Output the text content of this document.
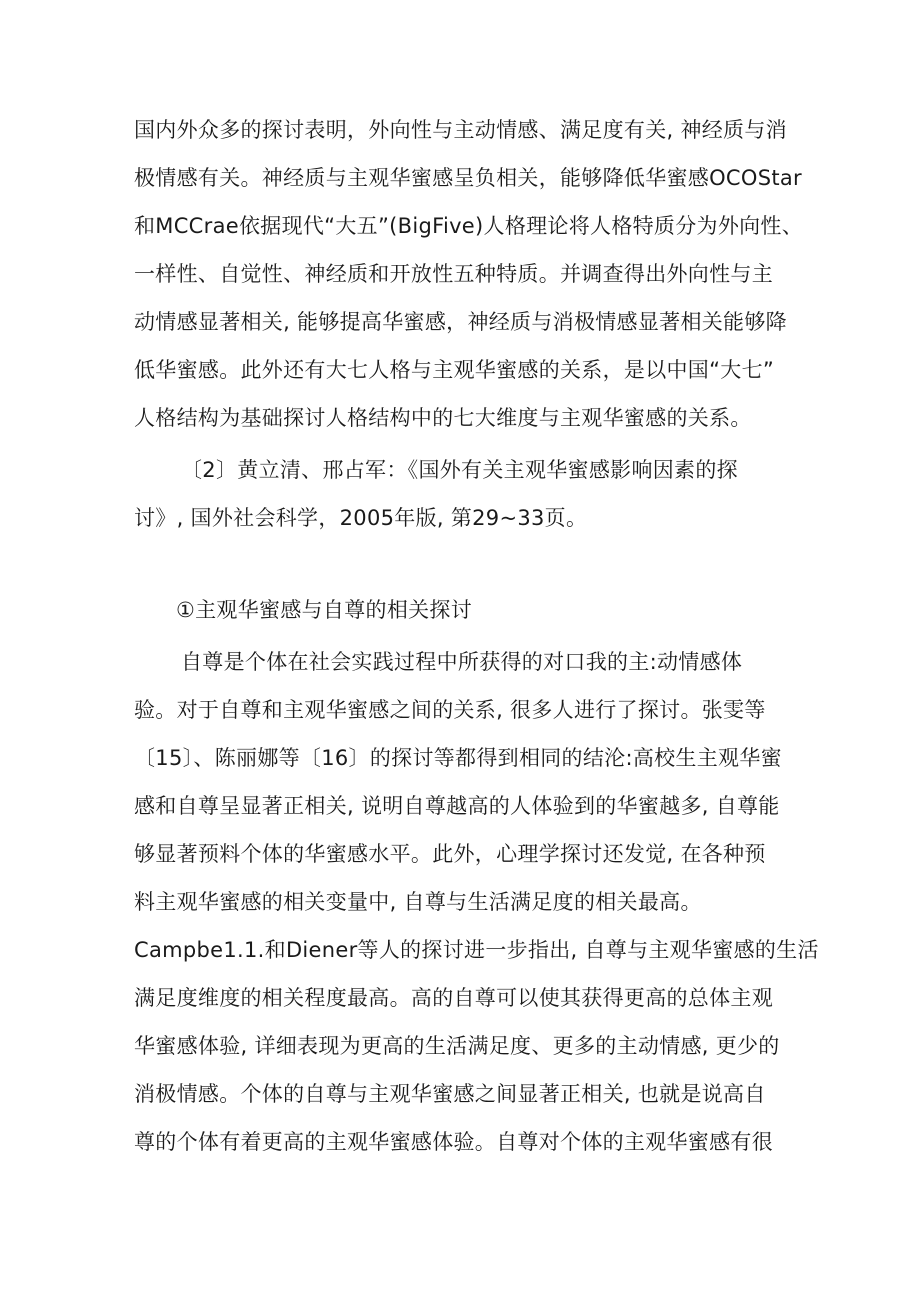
国内外众多的探讨表明，外向性与主动情感、满足度有关, 神经质与消
极情感有关。神经质与主观华蜜感呈负相关，能够降低华蜜感OCOStar
和MCCrae依据现代“大五”(BigFive)人格理论将人格特质分为外向性、
一样性、自觉性、神经质和开放性五种特质。并调查得出外向性与主
动情感显著相关, 能够提高华蜜感，神经质与消极情感显著相关能够降
低华蜜感。此外还有大七人格与主观华蜜感的关系，是以中国“大七”
人格结构为基础探讨人格结构中的七大维度与主观华蜜感的关系。
〔2〕黄立清、邢占军：《国外有关主观华蜜感影响因素的探
讨》, 国外社会科学，2005年版, 第29~33页。
①主观华蜜感与自尊的相关探讨
自尊是个体在社会实践过程中所获得的对口我的主:动情感体
验。对于自尊和主观华蜜感之间的关系, 很多人进行了探讨。张雯等
〔15〕、陈丽娜等〔16〕的探讨等都得到相同的结沦:高校生主观华蜜
感和自尊呈显著正相关, 说明自尊越高的人体验到的华蜜越多, 自尊能
够显著预料个体的华蜜感水平。此外，心理学探讨还发觉, 在各种预
料主观华蜜感的相关变量中, 自尊与生活满足度的相关最高。
Campbe1.1.和Diener等人的探讨进一步指出, 自尊与主观华蜜感的生活
满足度维度的相关程度最高。高的自尊可以使其获得更高的总体主观
华蜜感体验, 详细表现为更高的生活满足度、更多的主动情感, 更少的
消极情感。个体的自尊与主观华蜜感之间显著正相关, 也就是说高自
尊的个体有着更高的主观华蜜感体验。自尊对个体的主观华蜜感有很
